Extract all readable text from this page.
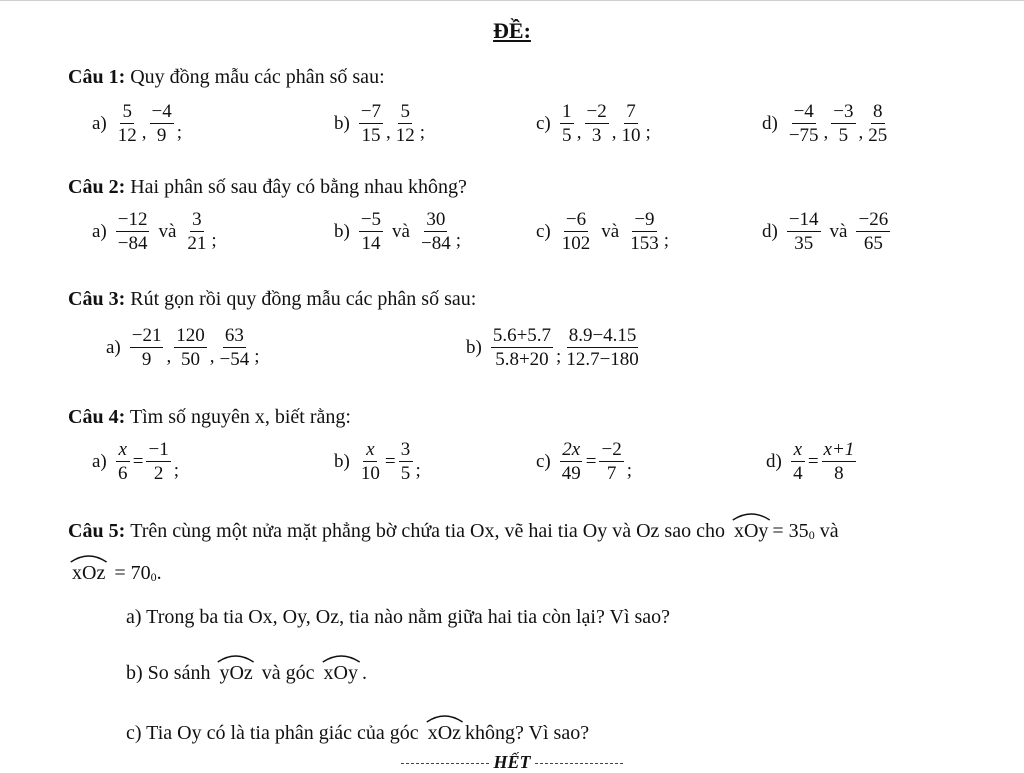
ĐỀ:
Câu 1: Quy đồng mẫu các phân số sau:
$a) \frac{5}{12}$ , $\frac{-4}{9}$ ;	$b) \frac{-7}{15}$ , $\frac{5}{12}$ ;	$c) \frac{1}{5}$ , $\frac{-2}{3}$ , $\frac{7}{10}$ ;	$d) \frac{-4}{-75}$ , $\frac{-3}{5}$ , $\frac{8}{25}$
Câu 2: Hai phân số sau đây có bằng nhau không?
$a) \frac{-12}{-84}$ và $\frac{3}{21}$ ;	$b) \frac{-5}{14}$ và $\frac{30}{-84}$ ;	$c) \frac{-6}{102}$ và $\frac{-9}{153}$ ;	$d) \frac{-14}{35}$ và $\frac{-26}{65}$
Câu 3: Rút gọn rồi quy đồng mẫu các phân số sau:
$a) \frac{-21}{9}$ , $\frac{120}{50}$ , $\frac{63}{-54}$ ;	$b) \frac{5.6+5.7}{5.8+20}$ ; $\frac{8.9-4.15}{12.7-180}$
Câu 4: Tìm số nguyên x, biết rằng:
$a) \frac{x}{6} = \frac{-1}{2}$ ;	$b) \frac{x}{10} = \frac{3}{5}$ ;	$c) \frac{2x}{49} = \frac{-2}{7}$ ;	$d) \frac{x}{4} = \frac{x+1}{8}$
Câu 5:
Trên cùng một nửa mặt phẳng bờ chứa tia Ox, vẽ hai tia Oy và Oz sao cho
xOy = $35_0$
và
xOz
= $70_0$ .
a) Trong ba tia Ox, Oy, Oz, tia nào nằm giữa hai tia còn lại? Vì sao?
b) So sánh
yOz
và góc
xOy .
c) Tia Oy có là tia phân giác của góc
xOz không? Vì sao?
HẾT
